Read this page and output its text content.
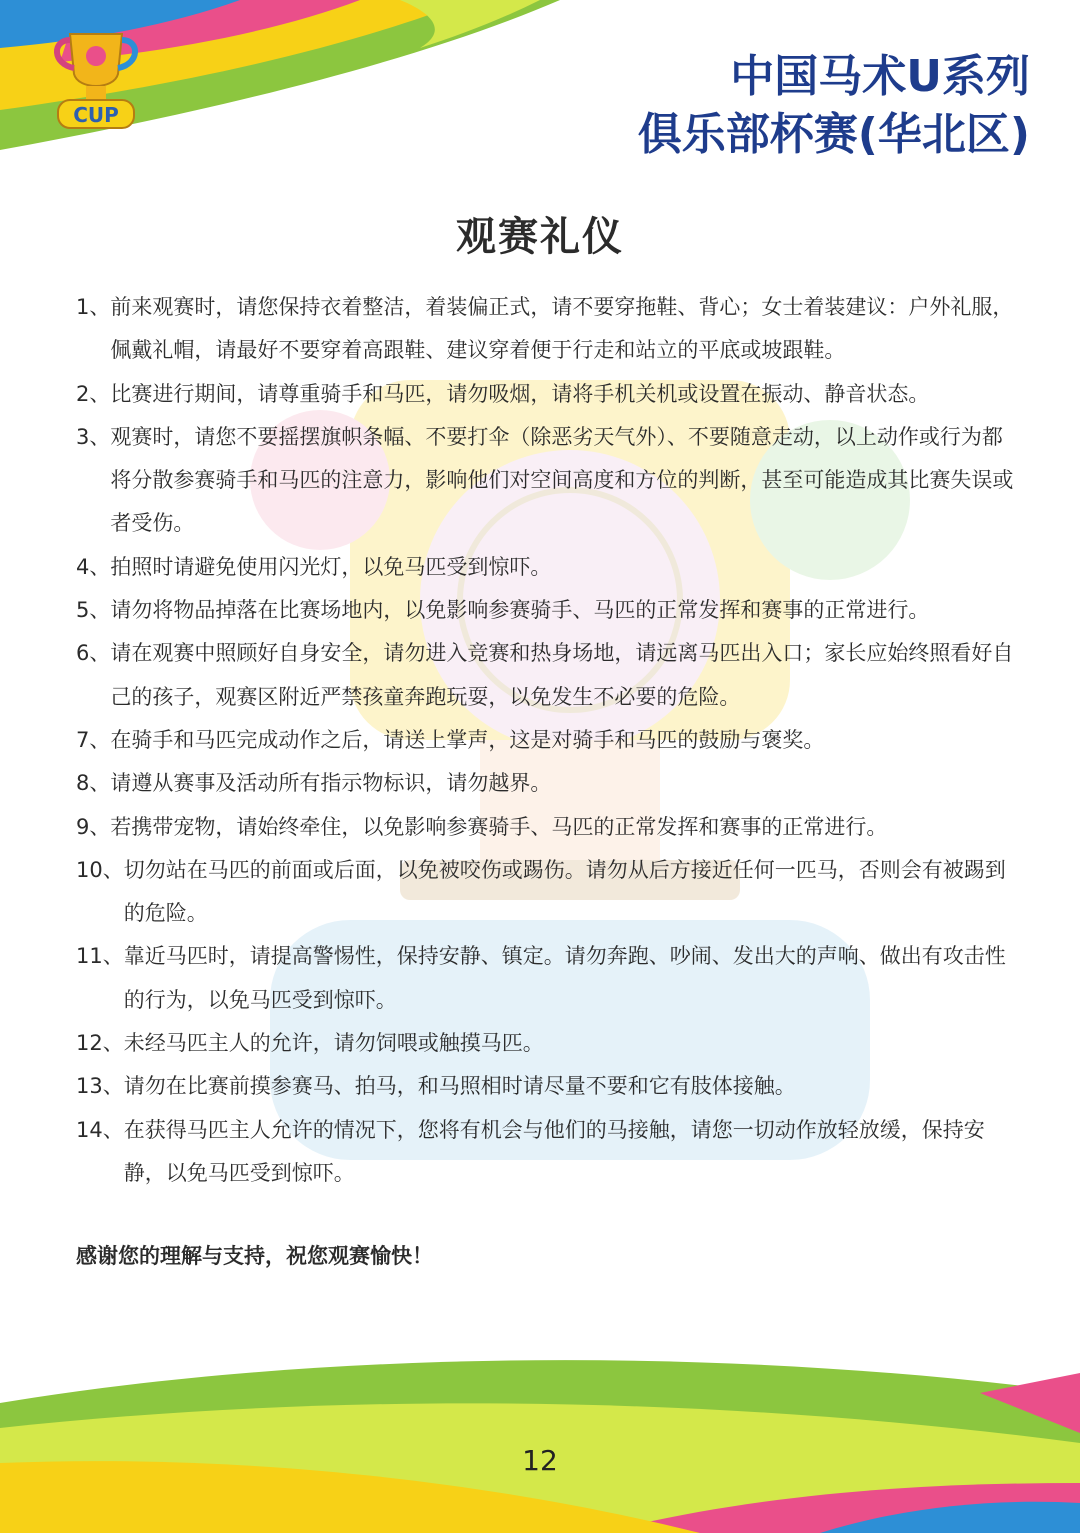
CUP
中国马术U系列
俱乐部杯赛(华北区)
观赛礼仪
1、 前来观赛时，请您保持衣着整洁，着装偏正式，请不要穿拖鞋、背心；女士着装建议：户外礼服，佩戴礼帽，请最好不要穿着高跟鞋、建议穿着便于行走和站立的平底或坡跟鞋。
2、 比赛进行期间，请尊重骑手和马匹，请勿吸烟，请将手机关机或设置在振动、静音状态。
3、 观赛时，请您不要摇摆旗帜条幅、不要打伞（除恶劣天气外）、不要随意走动，以上动作或行为都将分散参赛骑手和马匹的注意力，影响他们对空间高度和方位的判断，甚至可能造成其比赛失误或者受伤。
4、 拍照时请避免使用闪光灯，以免马匹受到惊吓。
5、 请勿将物品掉落在比赛场地内，以免影响参赛骑手、马匹的正常发挥和赛事的正常进行。
6、 请在观赛中照顾好自身安全，请勿进入竞赛和热身场地，请远离马匹出入口；家长应始终照看好自己的孩子，观赛区附近严禁孩童奔跑玩耍，以免发生不必要的危险。
7、 在骑手和马匹完成动作之后，请送上掌声，这是对骑手和马匹的鼓励与褒奖。
8、 请遵从赛事及活动所有指示物标识，请勿越界。
9、 若携带宠物，请始终牵住，以免影响参赛骑手、马匹的正常发挥和赛事的正常进行。
10、 切勿站在马匹的前面或后面，以免被咬伤或踢伤。请勿从后方接近任何一匹马，否则会有被踢到的危险。
11、 靠近马匹时，请提高警惕性，保持安静、镇定。请勿奔跑、吵闹、发出大的声响、做出有攻击性的行为，以免马匹受到惊吓。
12、 未经马匹主人的允许，请勿饲喂或触摸马匹。
13、 请勿在比赛前摸参赛马、拍马，和马照相时请尽量不要和它有肢体接触。
14、 在获得马匹主人允许的情况下，您将有机会与他们的马接触，请您一切动作放轻放缓，保持安静，以免马匹受到惊吓。
感谢您的理解与支持，祝您观赛愉快！
12
